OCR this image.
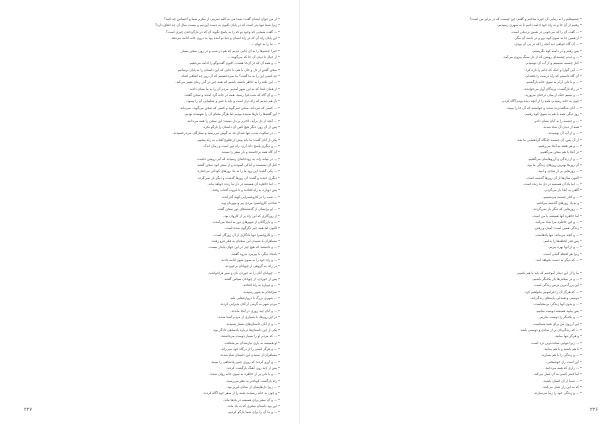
• از من جوان ایشان گفت: شما می‌ به کلید تمرینی از مکرم شما و احساس چه کنید؟
• زیرا شما تنها پدر است که در پایان اکنون به دست آوردیم و بیست سال آن چه اتفاق دارد؟
• ... گفت شمایی که وجود تو که را به پاسخ بگوید آن که در بازگرداندن چیزی است؟
• این پایان راه آن که در راه انسان و دنیا تو آمده بود به درون خانه ادامه می‌دهد.
• ... ما را به جهان ...
• خیر! چشم‌ها را به آن جایی دیدیم که هم در شب و در روز، سخن بسیار
• از خیال تا دیدن آن جا که می‌گویند ...
• ... و همه آن که در آن‌جا هست، اکنون گفت‌وگو را ادامه می‌دهیم.
• سخن گفتن از دل و جان با هم، تا جایی که این داستان را به پایان برسانیم
• چه کسی این را به ما گفت؟ ما نمی‌دانستیم که آن روز چه اتفاقی افتاد.
• ... این نکته را به خاطر داشته باشیم که همه چیز در گذر زمان تغییر می‌کند.
• از همان ابتدا که به این شهر آمدیم، مردم آن را به ما نشان دادند.
• ... و آن گاه که شب فرا رسید، همه در خانه گرد آمدند و سخن گفتند.
• باز هم دیدیم که راه دراز است و باید با صبر و شکیبایی آن را پیمود.
• ... کسی که می‌داند، سخن نمی‌گوید و کسی که سخن می‌گوید، نمی‌داند.
• این گفته‌ها را بارها شنیده بودیم اما هرگز معنای آن را نفهمیده بودیم.
• ... آنچه از دل برآید، لاجرم بر دل نشیند؛ این سخن را همه می‌دانند.
• پس از آن روز، دیگر هیچ کس آن داستان را بازگو نکرد.
• ... در سکوت شب، تنها صدای باد به گوش می‌رسید و ستارگان می‌درخشیدند.
• یکی از آنان گفت: ما باید پیش از طلوع آفتاب به راه بیفتیم.
• ... و دیگری پاسخ داد: آری، راه دور است و زمان اندک.
• آن گاه همه برخاستند و بار سفر را بستند.
• ... در میانه راه، به رودخانه‌ای رسیدند که آبی روشن داشت.
• کنار آن نشستند و اندکی آسودند و از سفر خود سخن گفتند.
• ... یکی گفت: این رود ما را به یاد روزهای کودکی می‌اندازد.
• دیگری خندید و گفت: آن روزها گذشت و دیگر باز نمی‌گردد.
• ... اما خاطره آن همیشه در دل ما زنده خواهد ماند.
• پس دوباره به راه افتادند و تا غروب آفتاب رفتند.
• ... شب را در کاروانسرایی کهنه گذراندند.
• صاحب کاروانسرا مردی پیر و مهربان بود.
• ... او برایشان از گذشته‌های دور سخن گفت.
• از روزگاری که این راه پر از کاروان بود.
• ... و بازرگانان از شهرهای دور به اینجا می‌آمدند.
• اکنون اما همه چیز دگرگون شده است.
• ... و کاروانسرا تنها یادگاری از آن روزگار است.
• مسافران با شنیدن این سخنان به فکر فرو رفتند.
• ... و دانستند که هیچ چیز در این جهان پایدار نیست.
• بامداد دیگر، با پیرمرد بدرود گفتند.
• ... و راه خود را به سوی شهر ادامه دادند.
• در راه، به گروهی از چوپانان برخوردند.
• ... چوپانان آنان را به خوردن نان و شیر فراخواندند.
• پس از خوردن، از چوپانان سپاس گفتند.
• ... و دوباره به راه افتادند.
• سرانجام به شهر رسیدند.
• ... شهری بزرگ با دروازه‌هایی بلند.
• مردم شهر به گرمی از آنان پذیرایی کردند.
• ... و آنان چند روزی در آنجا ماندند.
• در این روزها، با بسیاری از مردم آشنا شدند.
• ... و از آنان داستان‌های بسیار شنیدند.
• یکی از این داستان‌ها درباره پادشاهی دادگر بود.
• ... که مردم او را بسیار دوست می‌داشتند.
• او همیشه به یاری نیازمندان می‌شتافت.
• ... و هرگز کسی را از درگاه خود نمی‌راند.
• مسافران از شنیدن این داستان شاد شدند.
• ... و آرزو کردند که روزی چنین پادشاهی را ببینند.
• پس از چند روز، آهنگ بازگشت کردند.
• ... و با دلی پر از خاطره به سوی خانه روان شدند.
• راه بازگشت کوتاه‌تر به نظر می‌رسید.
• ... زیرا دل‌هایشان از شادی لبریز بود.
• و چون به خانه رسیدند، همه را از سفر خود آگاه کردند.
• ... و آن سفر برای همیشه در یادها ماند.
• این بود داستان سفری که به یاد ماند.
• ... و ما آن را برای شما بازگو کردیم.
۲۲۷
• چشم‌هایم را به زیبایی آن خیره ساختم و گفتم: این چیست که در برابر من است؟
• رفتیم از آن جا و به راه خود ادامه دادیم تا به شهری رسیدیم.
• ... گفت آن را که می‌جویی در همین نزدیکی است.
• از همین جا به سوی کوه برو و در دامنه آن بنگر.
• ... آن گاه خواهی دید آنچه را که در پی آن بودی.
• پس رفتم و در دامنه کوه نگریستم.
• ... و دیدم چشمه‌ای روشن که از دل سنگ بیرون می‌آمد.
• کنار چشمه نشستم و از آب آن نوشیدم.
• ... آبی گوارا و خنک که جانم را تازه کرد.
• آن گاه دانستم که راه درست را یافته‌ام.
• ... و با دلی آرام به سوی خانه بازگشتم.
• در راه بازگشت، پرندگان آواز می‌خواندند.
• ... و نسیم خنک از میان درختان می‌وزید.
• چون به خانه رسیدم، همه را از آنچه دیده بودم آگاه کردم.
• ... آنان شگفت‌زده شدند و خواستند که آن جا را ببینند.
• روز دیگر، همه با هم به سوی کوه رفتیم.
• ... و چشمه را به آنان نشان دادم.
• همه از دیدن آن شاد شدند.
• ... و از آب آن نوشیدند.
• از آن پس، آن چشمه جایگاه گردهمایی ما شد.
• ... و هر هفته به آنجا می‌رفتیم.
• در آنجا با هم سخن می‌گفتیم.
• ... و از زندگی و آرزوهایمان می‌گفتیم.
• آن روزها بهترین روزهای زندگی ما بود.
• ... روزهایی پر از شادی و امید.
• اکنون سال‌ها از آن روزها گذشته است.
• ... اما یاد آن همیشه در دل ما زنده است.
• گاهی به آنجا باز می‌گردم.
• ... و کنار چشمه می‌نشینم.
• و به یاد روزهای گذشته می‌افتم.
• ... روزهایی که دیگر باز نمی‌گردند.
• اما خاطره آنها همیشه با من است.
• ... و این خاطره مرا شاد می‌کند.
• زندگی همین است؛ آمدن و رفتن.
• ... و آنچه می‌ماند، تنها یادهاست.
• پس قدر لحظه‌ها را بدانیم.
• ... و از آنها بهره ببریم.
• زیرا هر لحظه گنجی است.
• ... که دیگر به دست نخواهد آمد.
• ما را از این دیدار آموختیم که باید با هم باشیم.
• ... و در سختی‌ها یار یکدیگر باشیم.
• این بزرگ‌ترین درس زندگی است.
• ... که هرگز آن را فراموش نخواهیم کرد.
• دوستی و همدلی، پایه‌های زندگی‌اند.
• ... و بدون آنها زندگی بی‌معناست.
• پس بیایید همیشه دوست بمانیم.
• ... و یکدیگر را دوست بداریم.
• این آرزوی من برای همه شماست.
• ... که زندگی‌تان پر از شادی و دوستی باشد.
• و هرگز تنها نمانید.
• ... زیرا تنهایی سخت‌ترین درد است.
• با هم باشید و با هم بمانید.
• ... و زندگی را با هم بسازید.
• این است راز خوشبختی.
• ... رازی که همه می‌دانند.
• اما کمتر کسی به آن عمل می‌کند.
• ... شما از آن کسان باشید.
• که به این راز عمل می‌کنند.
• ... و زندگی خود را زیبا می‌سازند.
۲۲۶
